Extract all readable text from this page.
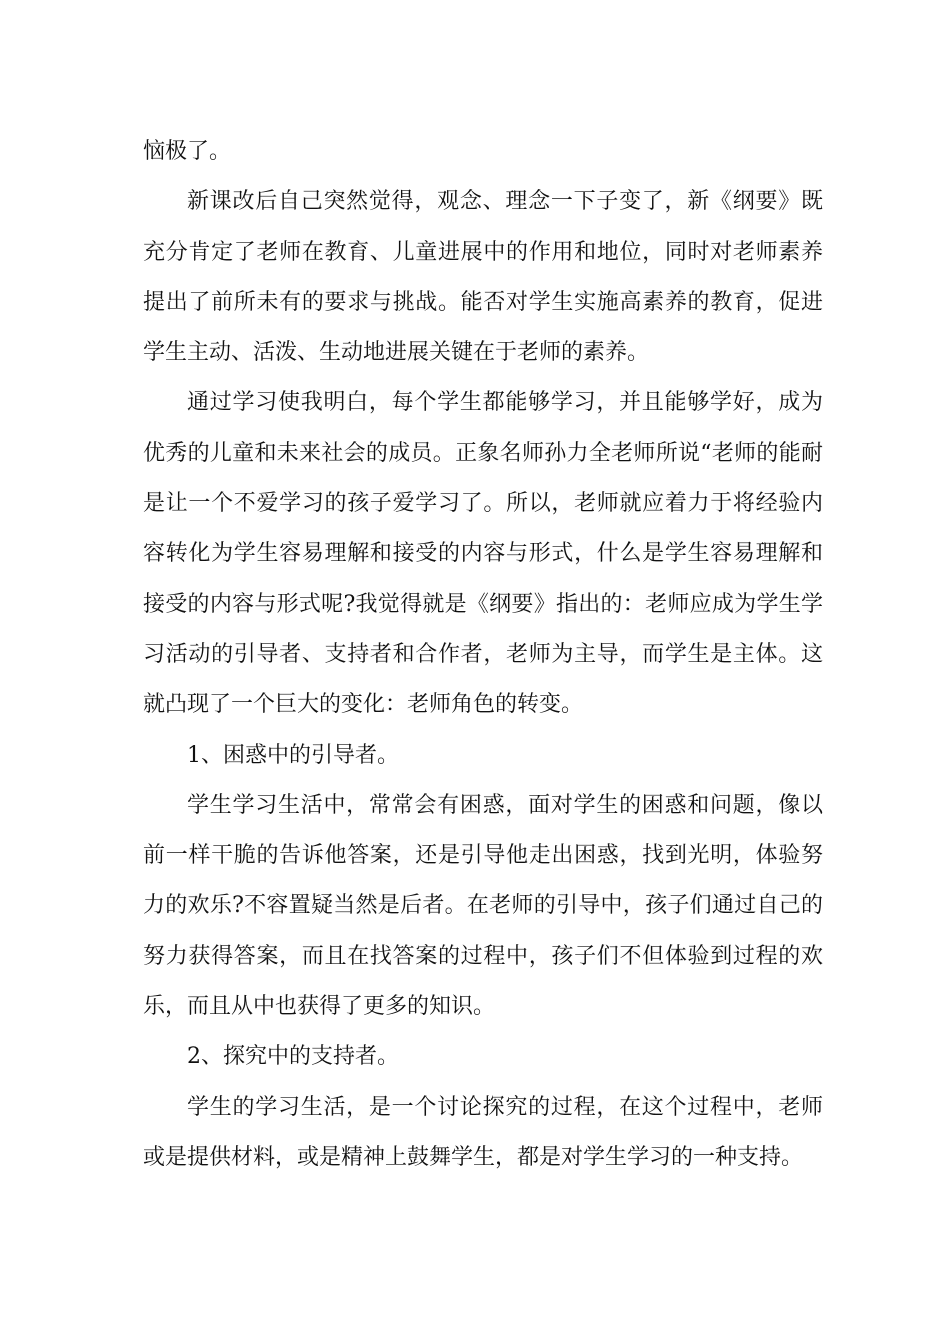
恼极了。

新课改后自己突然觉得，观念、理念一下子变了，新《纲要》既充分肯定了老师在教育、儿童进展中的作用和地位，同时对老师素养提出了前所未有的要求与挑战。能否对学生实施高素养的教育，促进学生主动、活泼、生动地进展关键在于老师的素养。

通过学习使我明白，每个学生都能够学习，并且能够学好，成为优秀的儿童和未来社会的成员。正象名师孙力全老师所说“老师的能耐是让一个不爱学习的孩子爱学习了。所以，老师就应着力于将经验内容转化为学生容易理解和接受的内容与形式，什么是学生容易理解和接受的内容与形式呢?我觉得就是《纲要》指出的：老师应成为学生学习活动的引导者、支持者和合作者，老师为主导，而学生是主体。这就凸现了一个巨大的变化：老师角色的转变。

1、困惑中的引导者。

学生学习生活中，常常会有困惑，面对学生的困惑和问题，像以前一样干脆的告诉他答案，还是引导他走出困惑，找到光明，体验努力的欢乐?不容置疑当然是后者。在老师的引导中，孩子们通过自己的努力获得答案，而且在找答案的过程中，孩子们不但体验到过程的欢乐，而且从中也获得了更多的知识。

2、探究中的支持者。

学生的学习生活，是一个讨论探究的过程，在这个过程中，老师或是提供材料，或是精神上鼓舞学生，都是对学生学习的一种支持。
